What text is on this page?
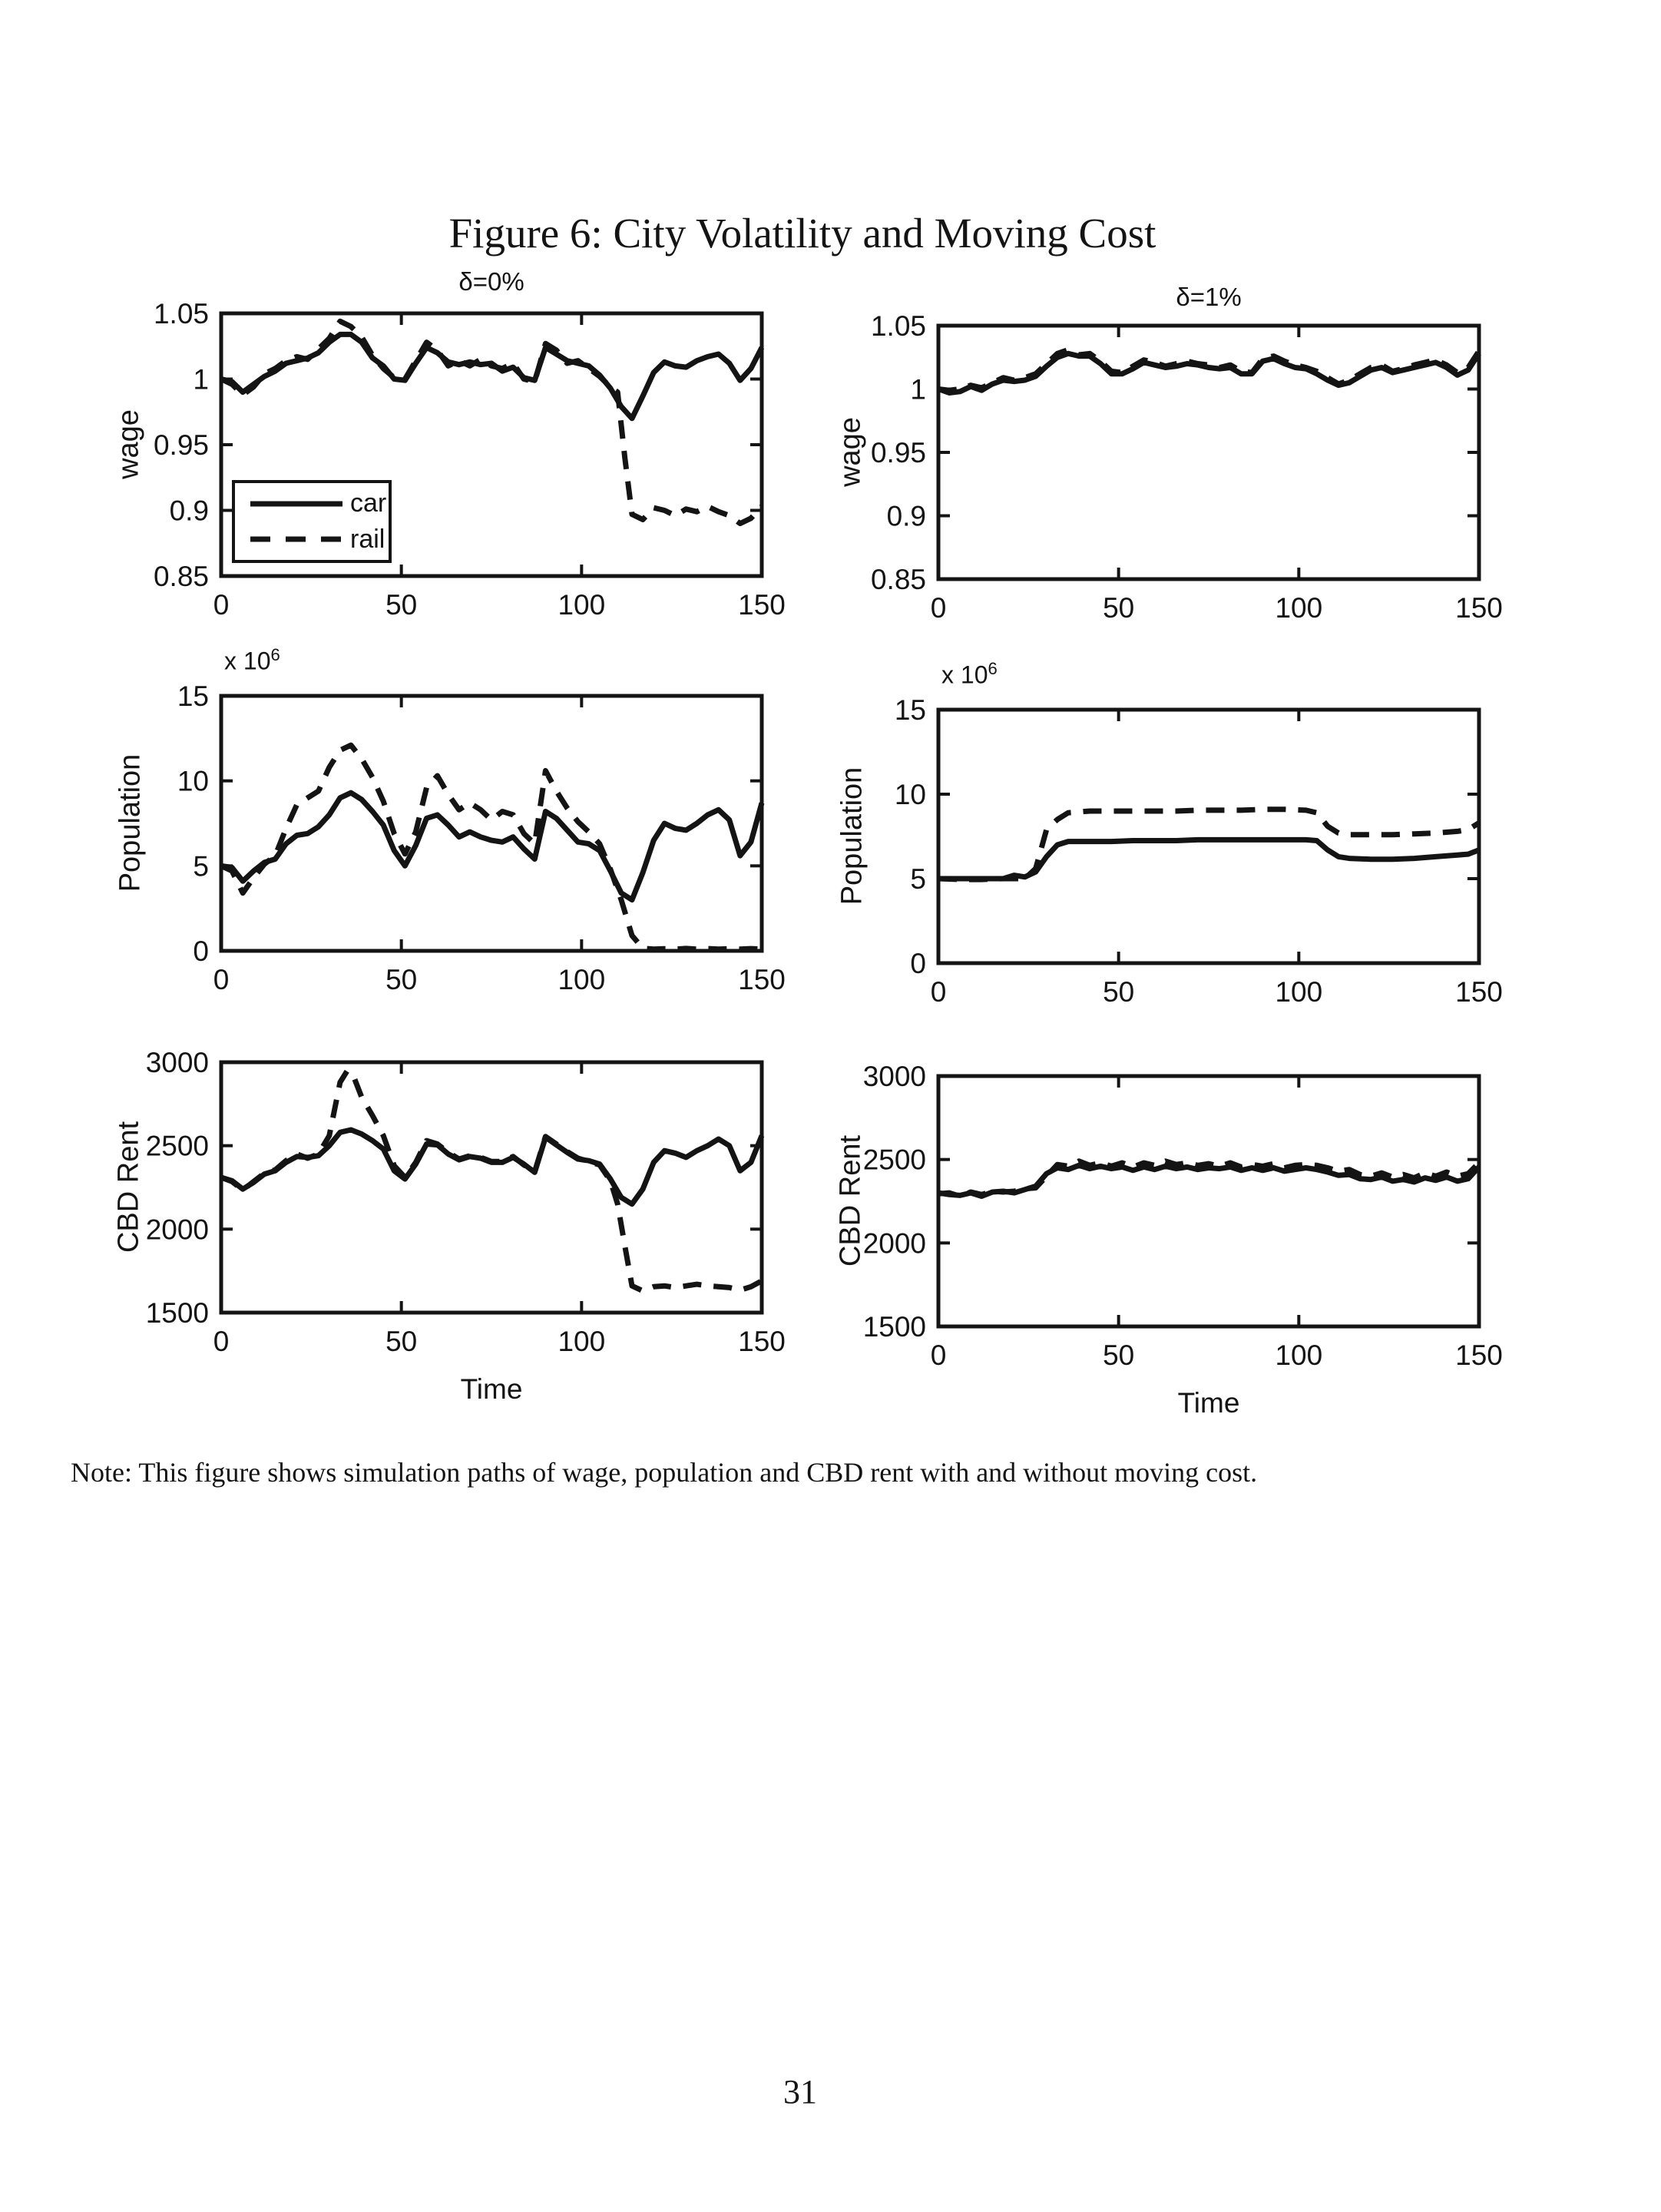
Figure 6: City Volatility and Moving Cost
δ=0%
δ=1%
wage	wage
Population	Population
CBD Rent	CBD Rent
x $10^6$
x $10^6$
0	50	100	150
0.85
0.9
0.95
1
1.05
0	50	100	150
0.85
0.9
0.95
1
1.05
0	50	100	150
0
5
10
15
0	50	100	150
0
5
10
15
0	50	100	150
1500
2000
2500
3000
0	50	100	150
1500
2000
2500
3000
car
rail
Time	Time
Note: This figure shows simulation paths of wage, population and CBD rent with and without moving cost.
31
